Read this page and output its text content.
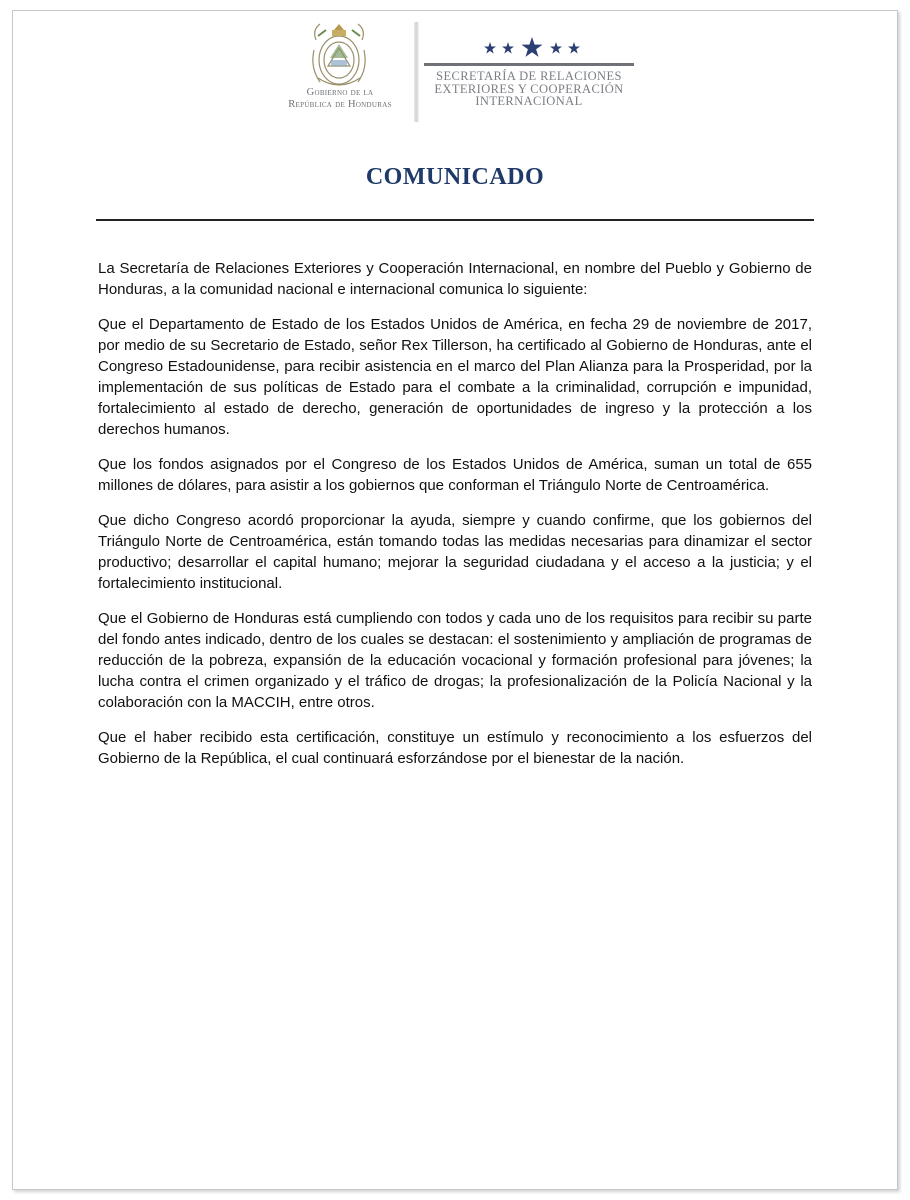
Gobierno de la
República de Honduras
SECRETARÍA DE RELACIONES
EXTERIORES Y COOPERACIÓN
INTERNACIONAL
COMUNICADO

La Secretaría de Relaciones Exteriores y Cooperación Internacional, en nombre del Pueblo y Gobierno de Honduras, a la comunidad nacional e internacional comunica lo siguiente:

Que el Departamento de Estado de los Estados Unidos de América, en fecha 29 de noviembre de 2017, por medio de su Secretario de Estado, señor Rex Tillerson, ha certificado al Gobierno de Honduras, ante el Congreso Estadounidense, para recibir asistencia en el marco del Plan Alianza para la Prosperidad, por la implementación de sus políticas de Estado para el combate a la criminalidad, corrupción e impunidad, fortalecimiento al estado de derecho, generación de oportunidades de ingreso y la protección a los derechos humanos.

Que los fondos asignados por el Congreso de los Estados Unidos de América, suman un total de 655 millones de dólares, para asistir a los gobiernos que conforman el Triángulo Norte de Centroamérica.

Que dicho Congreso acordó proporcionar la ayuda, siempre y cuando confirme, que los gobiernos del Triángulo Norte de Centroamérica, están tomando todas las medidas necesarias para dinamizar el sector productivo; desarrollar el capital humano; mejorar la seguridad ciudadana y el acceso a la justicia; y el fortalecimiento institucional.

Que el Gobierno de Honduras está cumpliendo con todos y cada uno de los requisitos para recibir su parte del fondo antes indicado, dentro de los cuales se destacan: el sostenimiento y ampliación de programas de reducción de la pobreza, expansión de la educación vocacional y formación profesional para jóvenes; la lucha contra el crimen organizado y el tráfico de drogas; la profesionalización de la Policía Nacional y la colaboración con la MACCIH, entre otros.

Que el haber recibido esta certificación, constituye un estímulo y reconocimiento a los esfuerzos del Gobierno de la República, el cual continuará esforzándose por el bienestar de la nación.
